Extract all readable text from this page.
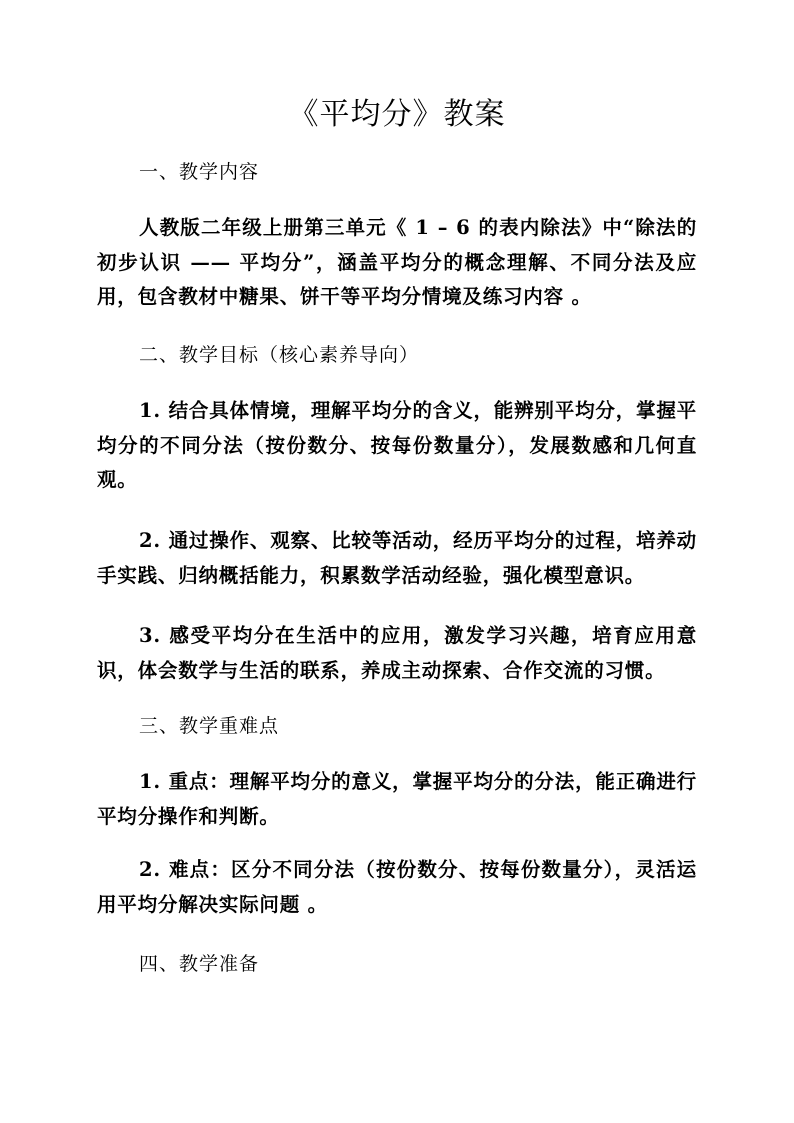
《平均分》教案

一、教学内容

人教版二年级上册第三单元《 1 – 6 的表内除法》中“除法的初步认识 —— 平均分”，涵盖平均分的概念理解、不同分法及应用，包含教材中糖果、饼干等平均分情境及练习内容 。

二、教学目标（核心素养导向）

1. 结合具体情境，理解平均分的含义，能辨别平均分，掌握平均分的不同分法（按份数分、按每份数量分），发展数感和几何直观。

2. 通过操作、观察、比较等活动，经历平均分的过程，培养动手实践、归纳概括能力，积累数学活动经验，强化模型意识。

3. 感受平均分在生活中的应用，激发学习兴趣，培育应用意识，体会数学与生活的联系，养成主动探索、合作交流的习惯。

三、教学重难点

1. 重点：理解平均分的意义，掌握平均分的分法，能正确进行平均分操作和判断。

2. 难点：区分不同分法（按份数分、按每份数量分），灵活运用平均分解决实际问题 。

四、教学准备
